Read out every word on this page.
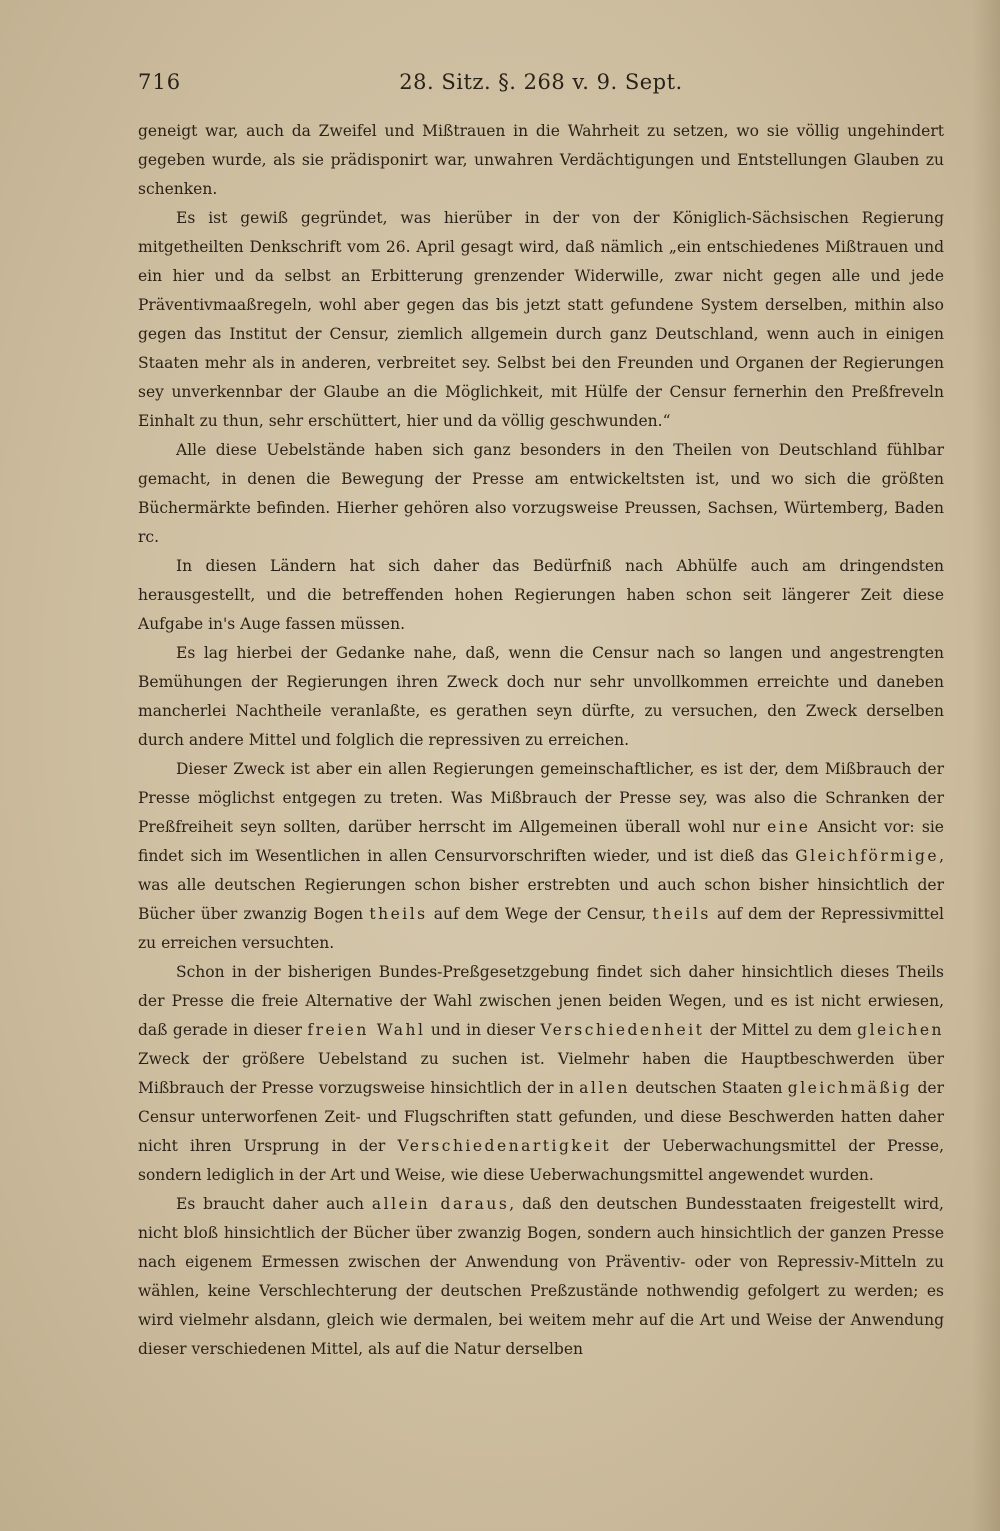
716	28. Sitz. §. 268 v. 9. Sept.

geneigt war, auch da Zweifel und Mißtrauen in die Wahrheit zu setzen, wo sie völlig ungehindert gegeben wurde, als sie prädisponirt war, unwahren Verdächtigungen und Entstellungen Glauben zu schenken.

Es ist gewiß gegründet, was hierüber in der von der Königlich-Sächsischen Regierung mitgetheilten Denkschrift vom 26. April gesagt wird, daß nämlich „ein entschiedenes Mißtrauen und ein hier und da selbst an Erbitterung grenzender Widerwille, zwar nicht gegen alle und jede Präventivmaaßregeln, wohl aber gegen das bis jetzt statt gefundene System derselben, mithin also gegen das Institut der Censur, ziemlich allgemein durch ganz Deutschland, wenn auch in einigen Staaten mehr als in anderen, verbreitet sey. Selbst bei den Freunden und Organen der Regierungen sey unverkennbar der Glaube an die Möglichkeit, mit Hülfe der Censur fernerhin den Preßfreveln Einhalt zu thun, sehr erschüttert, hier und da völlig geschwunden.“

Alle diese Uebelstände haben sich ganz besonders in den Theilen von Deutschland fühlbar gemacht, in denen die Bewegung der Presse am entwickeltsten ist, und wo sich die größten Büchermärkte befinden. Hierher gehören also vorzugsweise Preussen, Sachsen, Würtemberg, Baden rc.

In diesen Ländern hat sich daher das Bedürfniß nach Abhülfe auch am dringendsten herausgestellt, und die betreffenden hohen Regierungen haben schon seit längerer Zeit diese Aufgabe in's Auge fassen müssen.

Es lag hierbei der Gedanke nahe, daß, wenn die Censur nach so langen und angestrengten Bemühungen der Regierungen ihren Zweck doch nur sehr unvollkommen erreichte und daneben mancherlei Nachtheile veranlaßte, es gerathen seyn dürfte, zu versuchen, den Zweck derselben durch andere Mittel und folglich die repressiven zu erreichen.

Dieser Zweck ist aber ein allen Regierungen gemeinschaftlicher, es ist der, dem Mißbrauch der Presse möglichst entgegen zu treten. Was Mißbrauch der Presse sey, was also die Schranken der Preßfreiheit seyn sollten, darüber herrscht im Allgemeinen überall wohl nur eine Ansicht vor: sie findet sich im Wesentlichen in allen Censurvorschriften wieder, und ist dieß das Gleichförmige, was alle deutschen Regierungen schon bisher erstrebten und auch schon bisher hinsichtlich der Bücher über zwanzig Bogen theils auf dem Wege der Censur, theils auf dem der Repressivmittel zu erreichen versuchten.

Schon in der bisherigen Bundes-Preßgesetzgebung findet sich daher hinsichtlich dieses Theils der Presse die freie Alternative der Wahl zwischen jenen beiden Wegen, und es ist nicht erwiesen, daß gerade in dieser freien Wahl und in dieser Verschiedenheit der Mittel zu dem gleichen Zweck der größere Uebelstand zu suchen ist. Vielmehr haben die Hauptbeschwerden über Mißbrauch der Presse vorzugsweise hinsichtlich der in allen deutschen Staaten gleichmäßig der Censur unterworfenen Zeit- und Flugschriften statt gefunden, und diese Beschwerden hatten daher nicht ihren Ursprung in der Verschiedenartigkeit der Ueberwachungsmittel der Presse, sondern lediglich in der Art und Weise, wie diese Ueberwachungsmittel angewendet wurden.

Es braucht daher auch allein daraus, daß den deutschen Bundesstaaten freigestellt wird, nicht bloß hinsichtlich der Bücher über zwanzig Bogen, sondern auch hinsichtlich der ganzen Presse nach eigenem Ermessen zwischen der Anwendung von Präventiv- oder von Repressiv-Mitteln zu wählen, keine Verschlechterung der deutschen Preßzustände nothwendig gefolgert zu werden; es wird vielmehr alsdann, gleich wie dermalen, bei weitem mehr auf die Art und Weise der Anwendung dieser verschiedenen Mittel, als auf die Natur derselben
